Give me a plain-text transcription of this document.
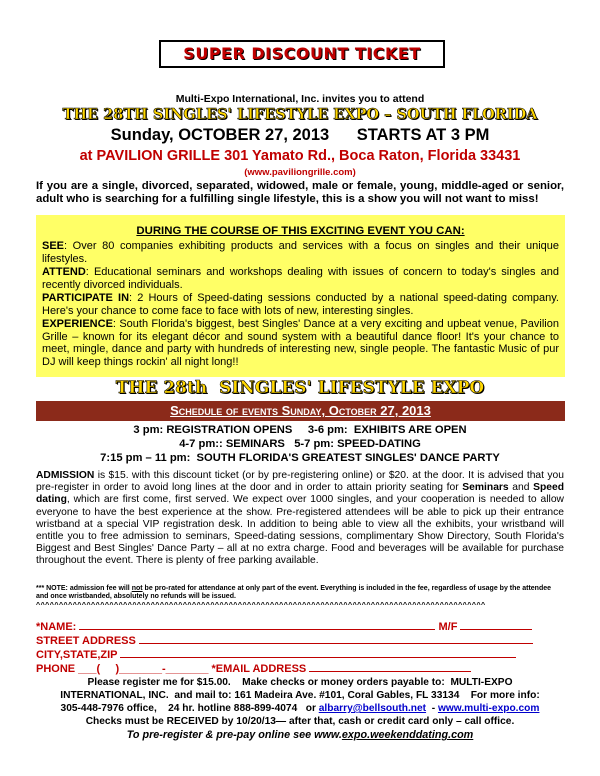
SUPER DISCOUNT TICKET
Multi-Expo International, Inc. invites you to attend
THE 28TH SINGLES' LIFESTYLE EXPO – SOUTH FLORIDA
Sunday, OCTOBER 27, 2013      STARTS AT 3 PM
at PAVILION GRILLE 301 Yamato Rd., Boca Raton, Florida 33431
(www.paviliongrille.com)
If you are a single, divorced, separated, widowed, male or female, young, middle-aged or senior, adult who is searching for a fulfilling single lifestyle, this is a show you will not want to miss!
DURING THE COURSE OF THIS EXCITING EVENT YOU CAN:
SEE: Over 80 companies exhibiting products and services with a focus on singles and their unique lifestyles.
ATTEND: Educational seminars and workshops dealing with issues of concern to today's singles and recently divorced individuals.
PARTICIPATE IN: 2 Hours of Speed-dating sessions conducted by a national speed-dating company. Here's your chance to come face to face with lots of new, interesting singles.
EXPERIENCE: South Florida's biggest, best Singles' Dance at a very exciting and upbeat venue, Pavilion Grille – known for its elegant décor and sound system with a beautiful dance floor! It's your chance to meet, mingle, dance and party with hundreds of interesting new, single people. The fantastic Music of pur DJ will keep things rockin' all night long!!
THE 28th  SINGLES' LIFESTYLE EXPO
Schedule of events Sunday, October 27, 2013
3 pm: REGISTRATION OPENS     3-6 pm:  EXHIBITS ARE OPEN
4-7 pm:: SEMINARS   5-7 pm: SPEED-DATING
7:15 pm – 11 pm:  SOUTH FLORIDA'S GREATEST SINGLES' DANCE PARTY
ADMISSION is $15. with this discount ticket (or by pre-registering online) or $20. at the door. It is advised that you pre-register in order to avoid long lines at the door and in order to attain priority seating for Seminars and Speed dating, which are first come, first served. We expect over 1000 singles, and your cooperation is needed to allow everyone to have the best experience at the show. Pre-registered attendees will be able to pick up their entrance wristband at a special VIP registration desk. In addition to being able to view all the exhibits, your wristband will entitle you to free admission to seminars, Speed-dating sessions, complimentary Show Directory, South Florida's Biggest and Best Singles' Dance Party – all at no extra charge. Food and beverages will be available for purchase throughout the event. There is plenty of free parking available.
*** NOTE: admission fee will not be pro-rated for attendance at only part of the event. Everything is included in the fee, regardless of usage by the attendee and once wristbanded, absolutely no refunds will be issued.
^^^^^^^^^^^^^^^^^^^^^^^^^^^^^^^^^^^^^^^^^^^^^^^^^^^^^^^^^^^^^^^^^^^^^^^^^^^^^^^^^^^^^^^^^^^^^^^^^^
*NAME:	M/F
STREET ADDRESS
CITY,STATE,ZIP
PHONE ___(     )_______-_______ *EMAIL ADDRESS
Please register me for $15.00.    Make checks or money orders payable to:  MULTI-EXPO
INTERNATIONAL, INC.  and mail to: 161 Madeira Ave. #101, Coral Gables, FL 33134    For more info:
305-448-7976 office,    24 hr. hotline 888-899-4074   or albarry@bellsouth.net  - www.multi-expo.com
Checks must be RECEIVED by 10/20/13— after that, cash or credit card only – call office.
To pre-register & pre-pay online see www.expo.weekenddating.com
